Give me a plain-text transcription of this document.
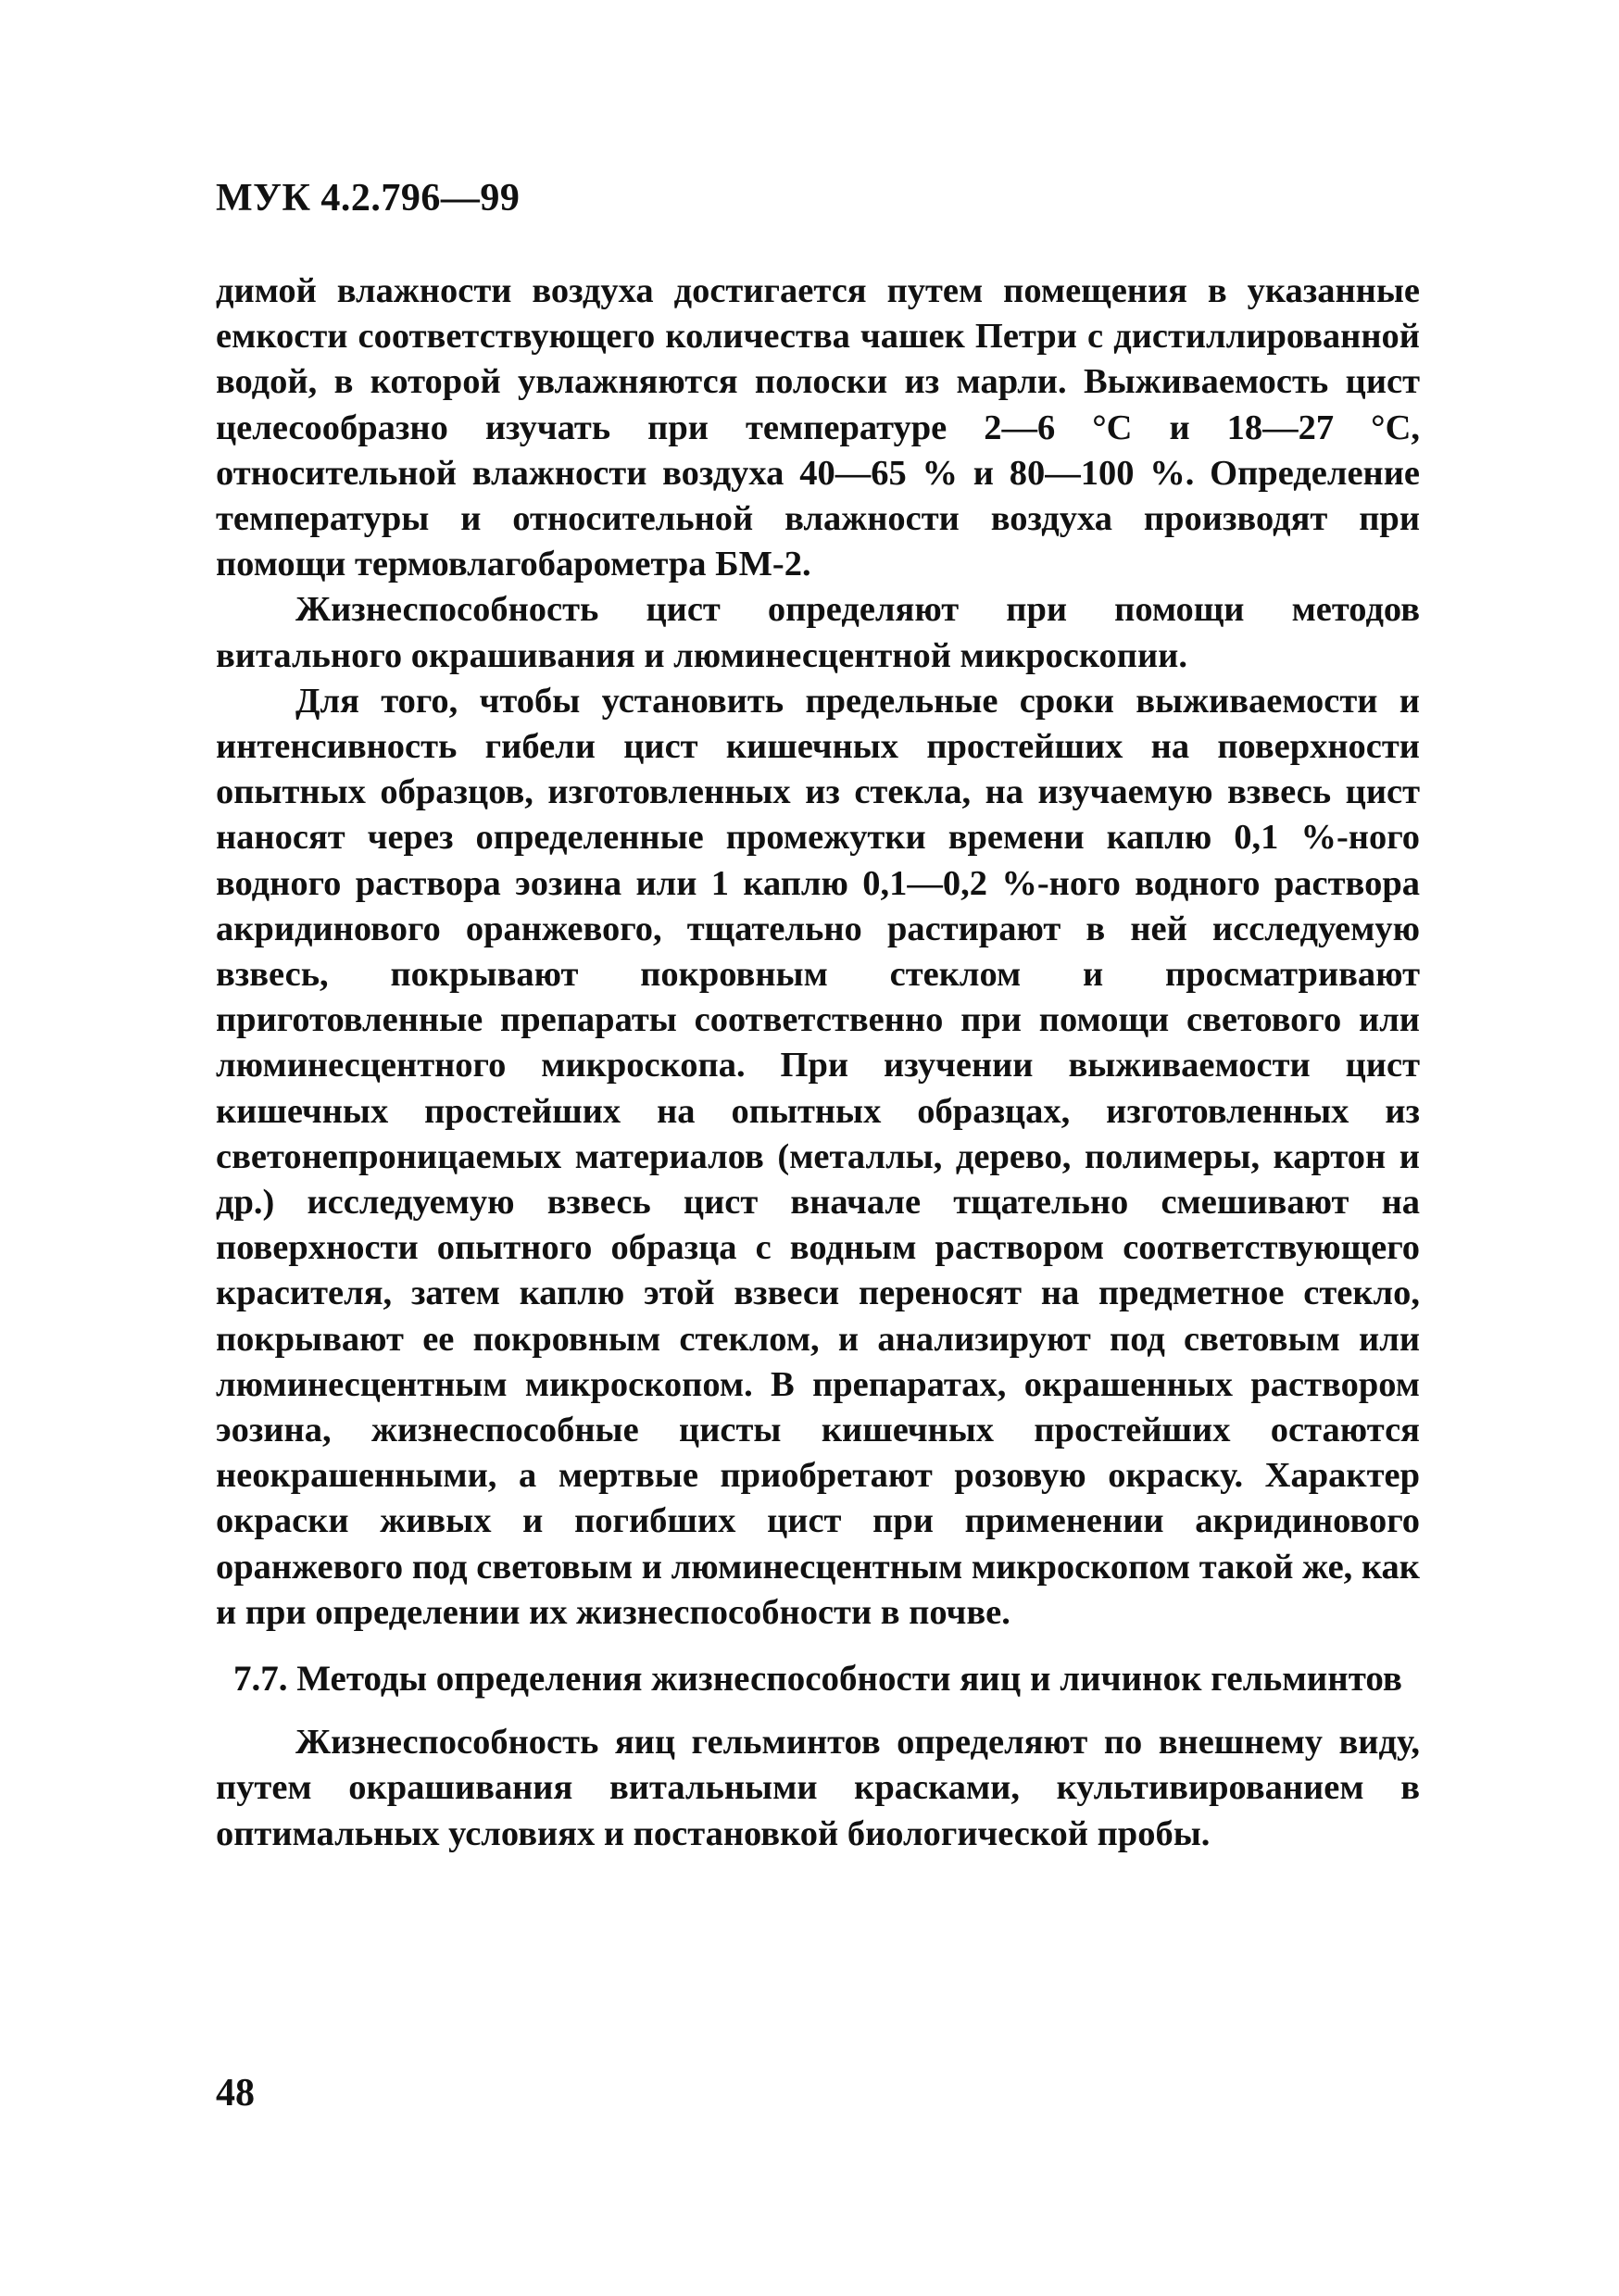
МУК 4.2.796—99

димой влажности воздуха достигается путем помещения в указанные емкости соответствующего количества чашек Петри с дистиллированной водой, в которой увлажняются полоски из марли. Выживаемость цист целесообразно изучать при температуре 2—6 °С и 18—27 °С, относительной влажности воздуха 40—65 % и 80—100 %. Определение температуры и относительной влажности воздуха производят при помощи термовлагобарометра БМ-2.

Жизнеспособность цист определяют при помощи методов витального окрашивания и люминесцентной микроскопии.

Для того, чтобы установить предельные сроки выживаемости и интенсивность гибели цист кишечных простейших на поверхности опытных образцов, изготовленных из стекла, на изучаемую взвесь цист наносят через определенные промежутки времени каплю 0,1 %-ного водного раствора эозина или 1 каплю 0,1—0,2 %-ного водного раствора акридинового оранжевого, тщательно растирают в ней исследуемую взвесь, покрывают покровным стеклом и просматривают приготовленные препараты соответственно при помощи светового или люминесцентного микроскопа. При изучении выживаемости цист кишечных простейших на опытных образцах, изготовленных из светонепроницаемых материалов (металлы, дерево, полимеры, картон и др.) исследуемую взвесь цист вначале тщательно смешивают на поверхности опытного образца с водным раствором соответствующего красителя, затем каплю этой взвеси переносят на предметное стекло, покрывают ее покровным стеклом, и анализируют под световым или люминесцентным микроскопом. В препаратах, окрашенных раствором эозина, жизнеспособные цисты кишечных простейших остаются неокрашенными, а мертвые приобретают розовую окраску. Характер окраски живых и погибших цист при применении акридинового оранжевого под световым и люминесцентным микроскопом такой же, как и при определении их жизнеспособности в почве.

7.7. Методы определения жизнеспособности яиц и личинок гельминтов

Жизнеспособность яиц гельминтов определяют по внешнему виду, путем окрашивания витальными красками, культивированием в оптимальных условиях и постановкой биологической пробы.

48
